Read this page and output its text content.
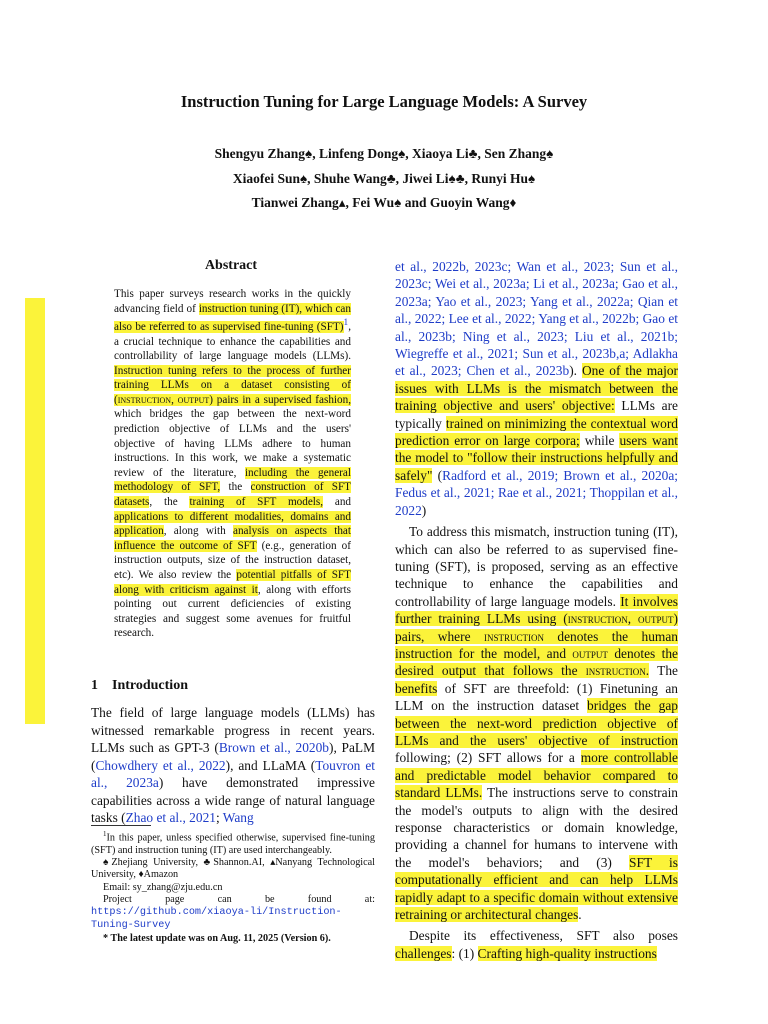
Instruction Tuning for Large Language Models: A Survey
Shengyu Zhang♠, Linfeng Dong♠, Xiaoya Li♣, Sen Zhang♠
Xiaofei Sun♠, Shuhe Wang♣, Jiwei Li♠♣, Runyi Hu♠
Tianwei Zhang▴, Fei Wu♠ and Guoyin Wang♦
Abstract
This paper surveys research works in the quickly advancing field of instruction tuning (IT), which can also be referred to as supervised fine-tuning (SFT)$^1$, a crucial technique to enhance the capabilities and controllability of large language models (LLMs). Instruction tuning refers to the process of further training LLMs on a dataset consisting of (instruction, output) pairs in a supervised fashion, which bridges the gap between the next-word prediction objective of LLMs and the users' objective of having LLMs adhere to human instructions. In this work, we make a systematic review of the literature, including the general methodology of SFT, the construction of SFT datasets, the training of SFT models, and applications to different modalities, domains and application, along with analysis on aspects that influence the outcome of SFT (e.g., generation of instruction outputs, size of the instruction dataset, etc). We also review the potential pitfalls of SFT along with criticism against it, along with efforts pointing out current deficiencies of existing strategies and suggest some avenues for fruitful research.
1 Introduction
The field of large language models (LLMs) has witnessed remarkable progress in recent years. LLMs such as GPT-3 (Brown et al., 2020b), PaLM (Chowdhery et al., 2022), and LLaMA (Touvron et al., 2023a) have demonstrated impressive capabilities across a wide range of natural language tasks (Zhao et al., 2021; Wang

$^1$In this paper, unless specified otherwise, supervised fine-tuning (SFT) and instruction tuning (IT) are used interchangeably.

♠Zhejiang University, ♣Shannon.AI, ▴Nanyang Technological University, ♦Amazon

Email: sy_zhang@zju.edu.cn

Project page can be found at: https://github.com/xiaoya-li/Instruction-Tuning-Survey

* The latest update was on Aug. 11, 2025 (Version 6).

et al., 2022b, 2023c; Wan et al., 2023; Sun et al., 2023c; Wei et al., 2023a; Li et al., 2023a; Gao et al., 2023a; Yao et al., 2023; Yang et al., 2022a; Qian et al., 2022; Lee et al., 2022; Yang et al., 2022b; Gao et al., 2023b; Ning et al., 2023; Liu et al., 2021b; Wiegreffe et al., 2021; Sun et al., 2023b,a; Adlakha et al., 2023; Chen et al., 2023b). One of the major issues with LLMs is the mismatch between the training objective and users' objective: LLMs are typically trained on minimizing the contextual word prediction error on large corpora; while users want the model to "follow their instructions helpfully and safely" (Radford et al., 2019; Brown et al., 2020a; Fedus et al., 2021; Rae et al., 2021; Thoppilan et al., 2022)

To address this mismatch, instruction tuning (IT), which can also be referred to as supervised fine-tuning (SFT), is proposed, serving as an effective technique to enhance the capabilities and controllability of large language models. It involves further training LLMs using (instruction, output) pairs, where instruction denotes the human instruction for the model, and output denotes the desired output that follows the instruction. The benefits of SFT are threefold: (1) Finetuning an LLM on the instruction dataset bridges the gap between the next-word prediction objective of LLMs and the users' objective of instruction following; (2) SFT allows for a more controllable and predictable model behavior compared to standard LLMs. The instructions serve to constrain the model's outputs to align with the desired response characteristics or domain knowledge, providing a channel for humans to intervene with the model's behaviors; and (3) SFT is computationally efficient and can help LLMs rapidly adapt to a specific domain without extensive retraining or architectural changes.

Despite its effectiveness, SFT also poses challenges: (1) Crafting high-quality instructions
